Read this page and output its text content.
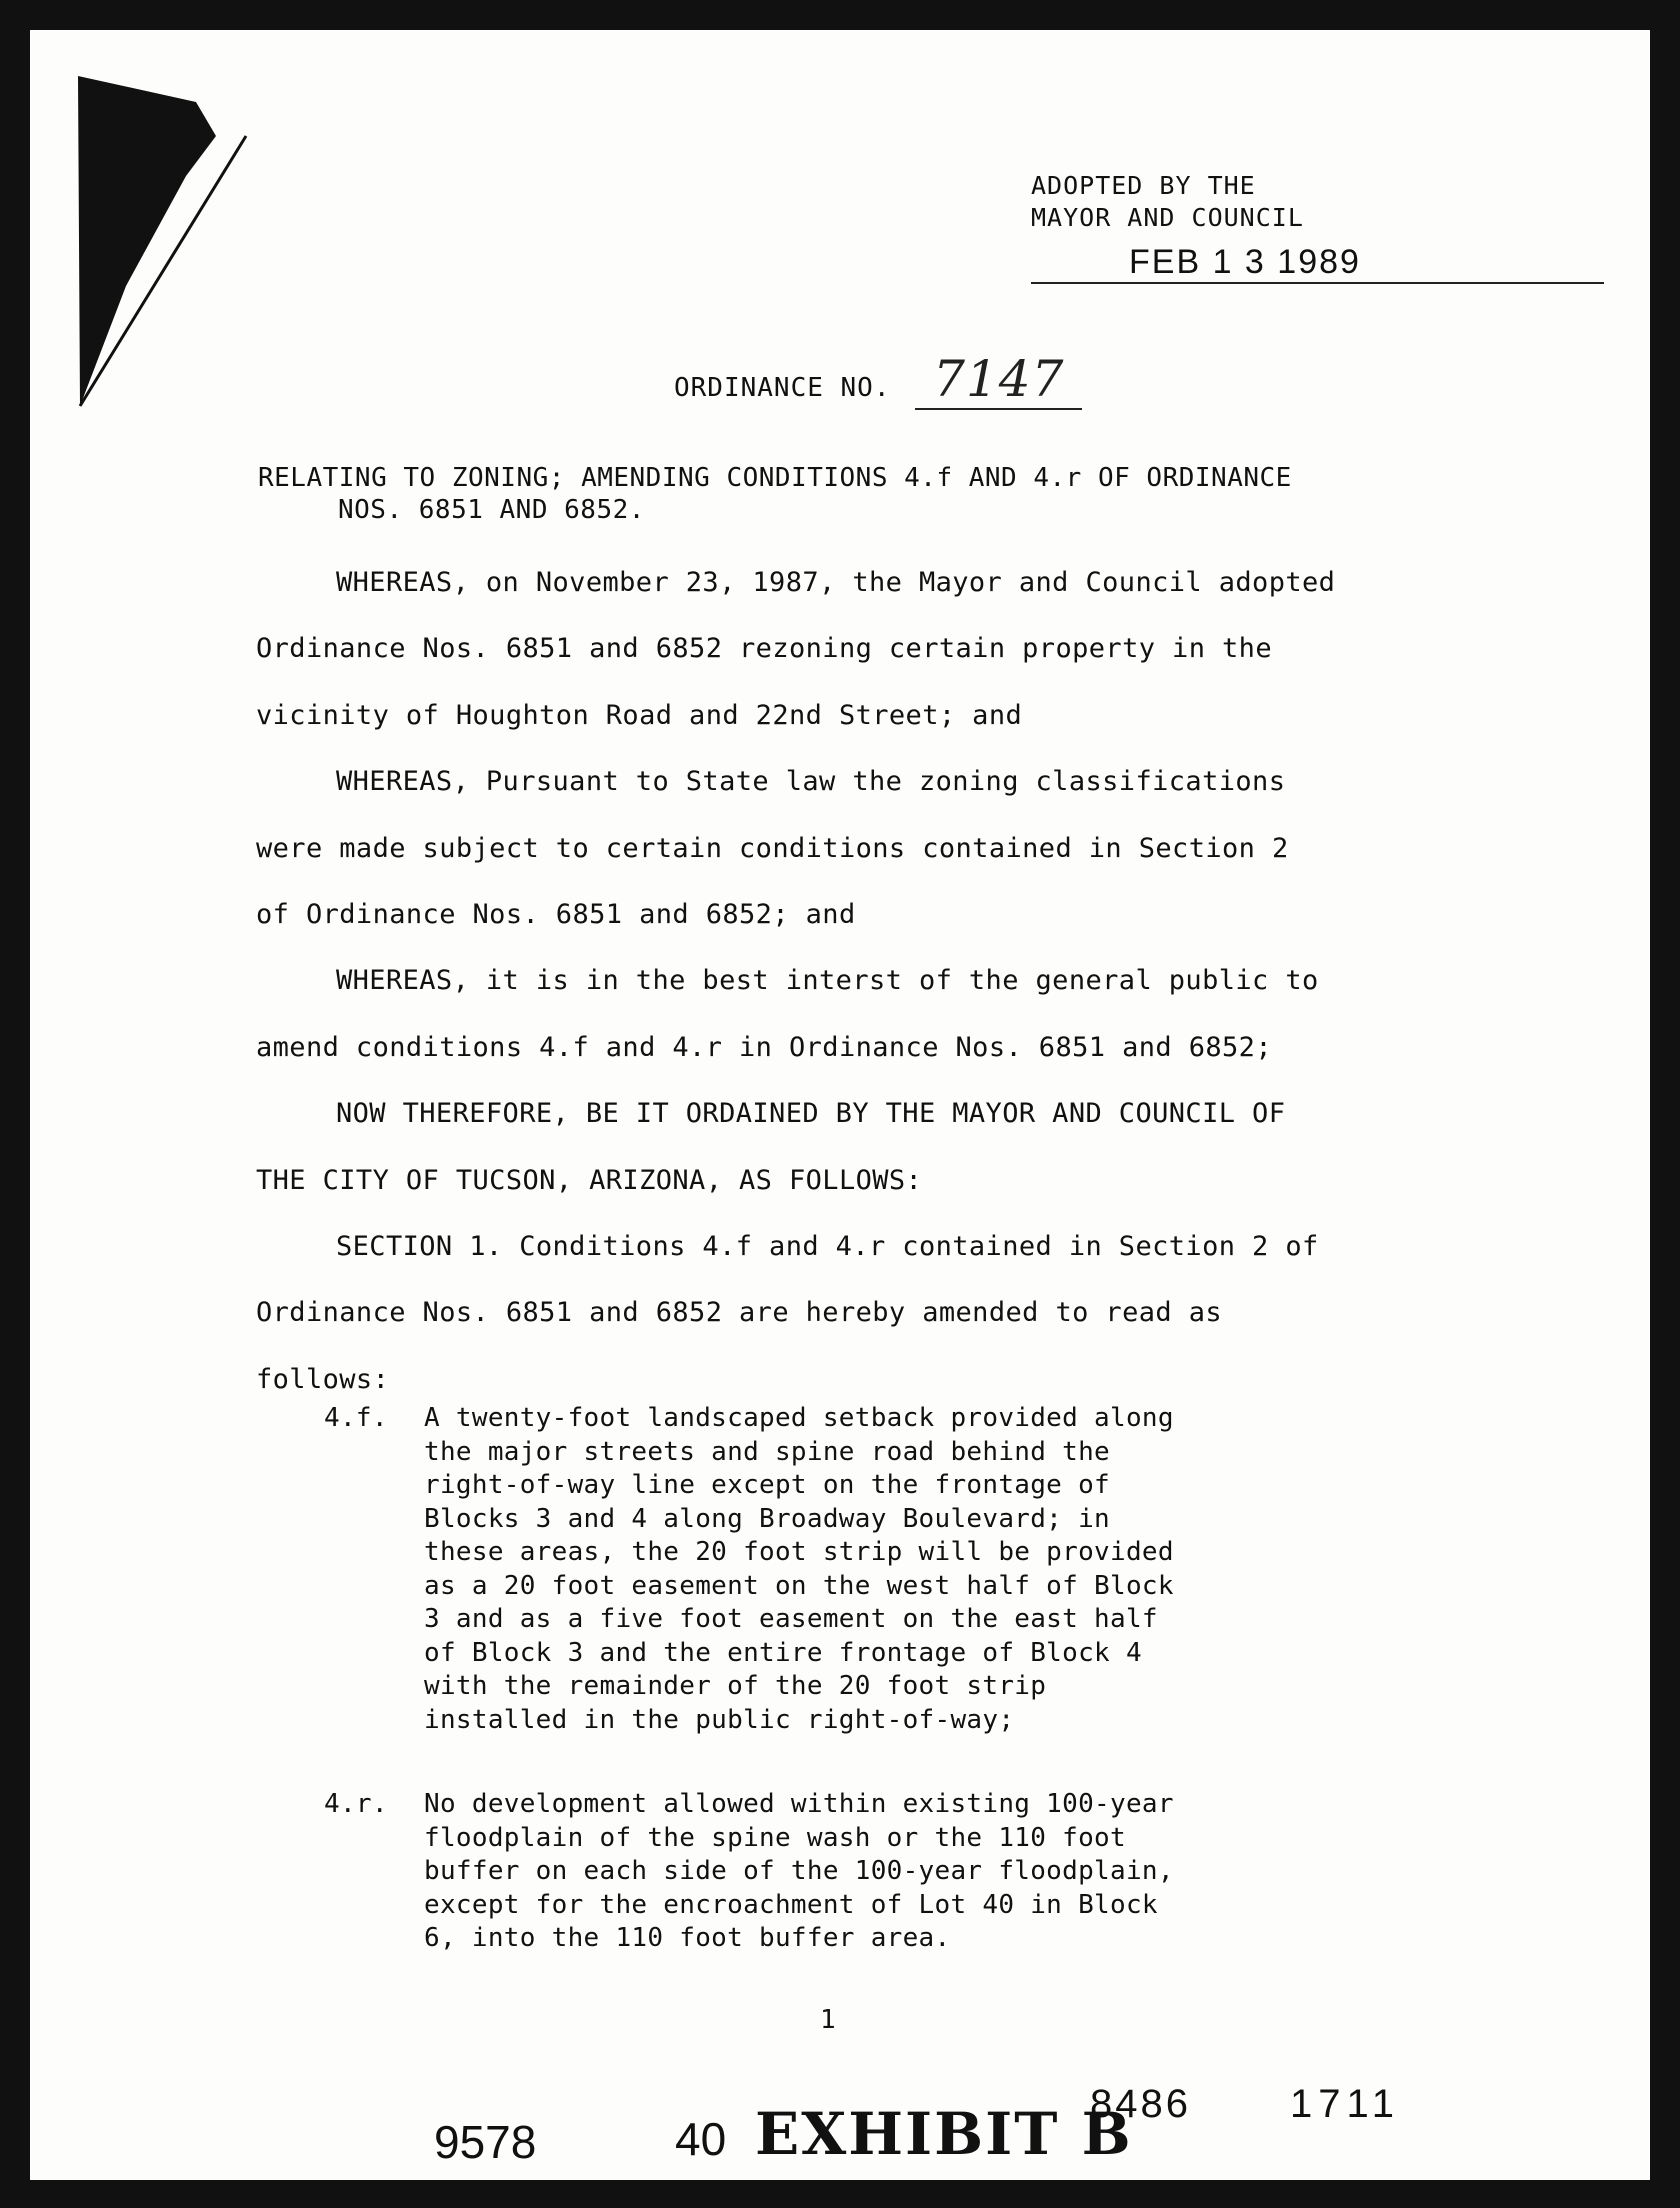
ADOPTED BY THE
MAYOR AND COUNCIL
FEB 1 3 1989
ORDINANCE NO. 7147
RELATING TO ZONING; AMENDING CONDITIONS 4.f AND 4.r OF ORDINANCE
NOS. 6851 AND 6852.

WHEREAS, on November 23, 1987, the Mayor and Council adopted

Ordinance Nos. 6851 and 6852 rezoning certain property in the

vicinity of Houghton Road and 22nd Street; and

WHEREAS, Pursuant to State law the zoning classifications

were made subject to certain conditions contained in Section 2

of Ordinance Nos. 6851 and 6852; and

WHEREAS, it is in the best interst of the general public to

amend conditions 4.f and 4.r in Ordinance Nos. 6851 and 6852;

NOW THEREFORE, BE IT ORDAINED BY THE MAYOR AND COUNCIL OF

THE CITY OF TUCSON, ARIZONA, AS FOLLOWS:

SECTION 1. Conditions 4.f and 4.r contained in Section 2 of

Ordinance Nos. 6851 and 6852 are hereby amended to read as

follows:

4.f.	A twenty-foot landscaped setback provided along
the major streets and spine road behind the
right-of-way line except on the frontage of
Blocks 3 and 4 along Broadway Boulevard; in
these areas, the 20 foot strip will be provided
as a 20 foot easement on the west half of Block
3 and as a five foot easement on the east half
of Block 3 and the entire frontage of Block 4
with the remainder of the 20 foot strip
installed in the public right-of-way;
4.r.	No development allowed within existing 100-year
floodplain of the spine wash or the 110 foot
buffer on each side of the 100-year floodplain,
except for the encroachment of Lot 40 in Block
6, into the 110 foot buffer area.
1
9578	40 EXHIBIT B
8486 1711
